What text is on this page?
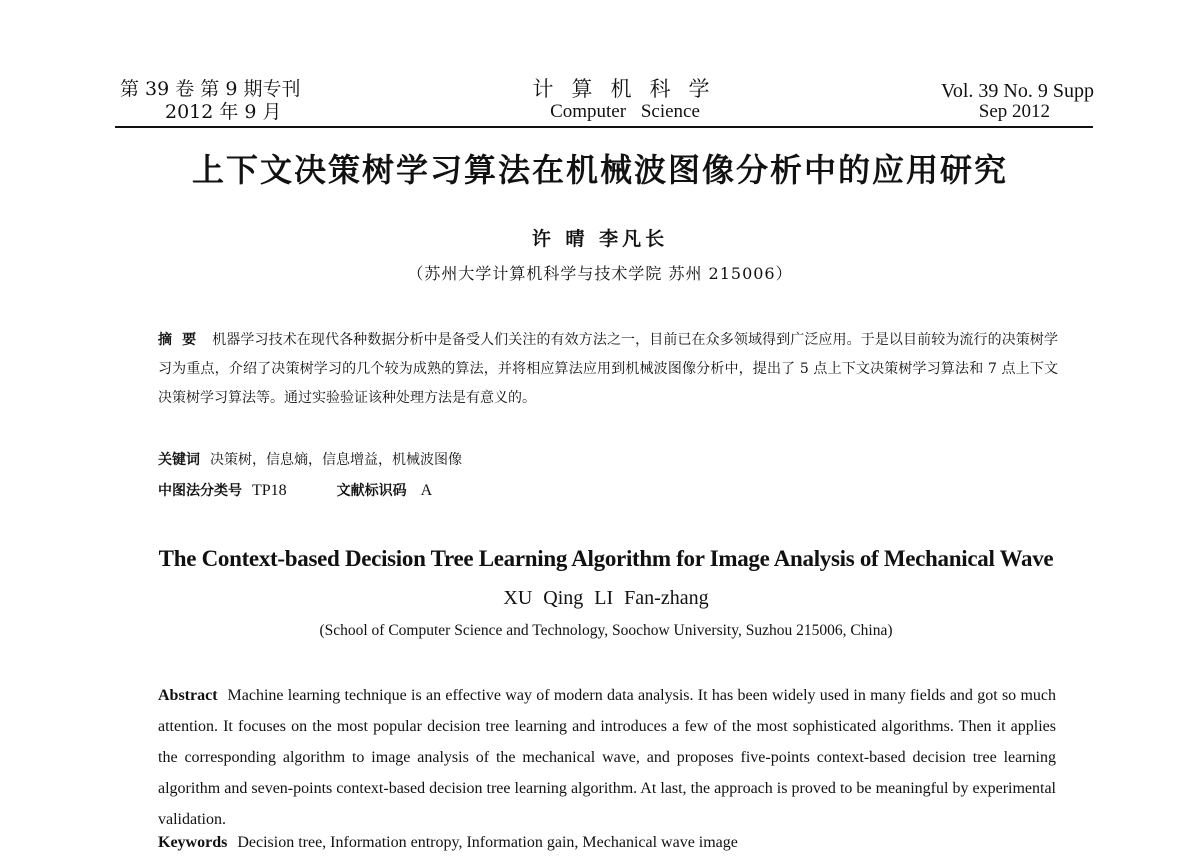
第 39 卷 第 9 期专刊
2012 年 9 月
计算机科学
Computer Science
Vol. 39 No. 9 Supp
Sep 2012
上下文决策树学习算法在机械波图像分析中的应用研究
许 晴 李凡长
（苏州大学计算机科学与技术学院 苏州 215006）
摘要 机器学习技术在现代各种数据分析中是备受人们关注的有效方法之一，目前已在众多领域得到广泛应用。于是以目前较为流行的决策树学习为重点，介绍了决策树学习的几个较为成熟的算法，并将相应算法应用到机械波图像分析中，提出了 5 点上下文决策树学习算法和 7 点上下文决策树学习算法等。通过实验验证该种处理方法是有意义的。
关键词 决策树，信息熵，信息增益，机械波图像
中图法分类号 TP18	文献标识码 A
The Context-based Decision Tree Learning Algorithm for Image Analysis of Mechanical Wave
XU Qing LI Fan-zhang
(School of Computer Science and Technology, Soochow University, Suzhou 215006, China)
Abstract Machine learning technique is an effective way of modern data analysis. It has been widely used in many fields and got so much attention. It focuses on the most popular decision tree learning and introduces a few of the most sophisticated algorithms. Then it applies the corresponding algorithm to image analysis of the mechanical wave, and proposes five-points context-based decision tree learning algorithm and seven-points context-based decision tree learning algorithm. At last, the approach is proved to be meaningful by experimental validation.
Keywords Decision tree, Information entropy, Information gain, Mechanical wave image
